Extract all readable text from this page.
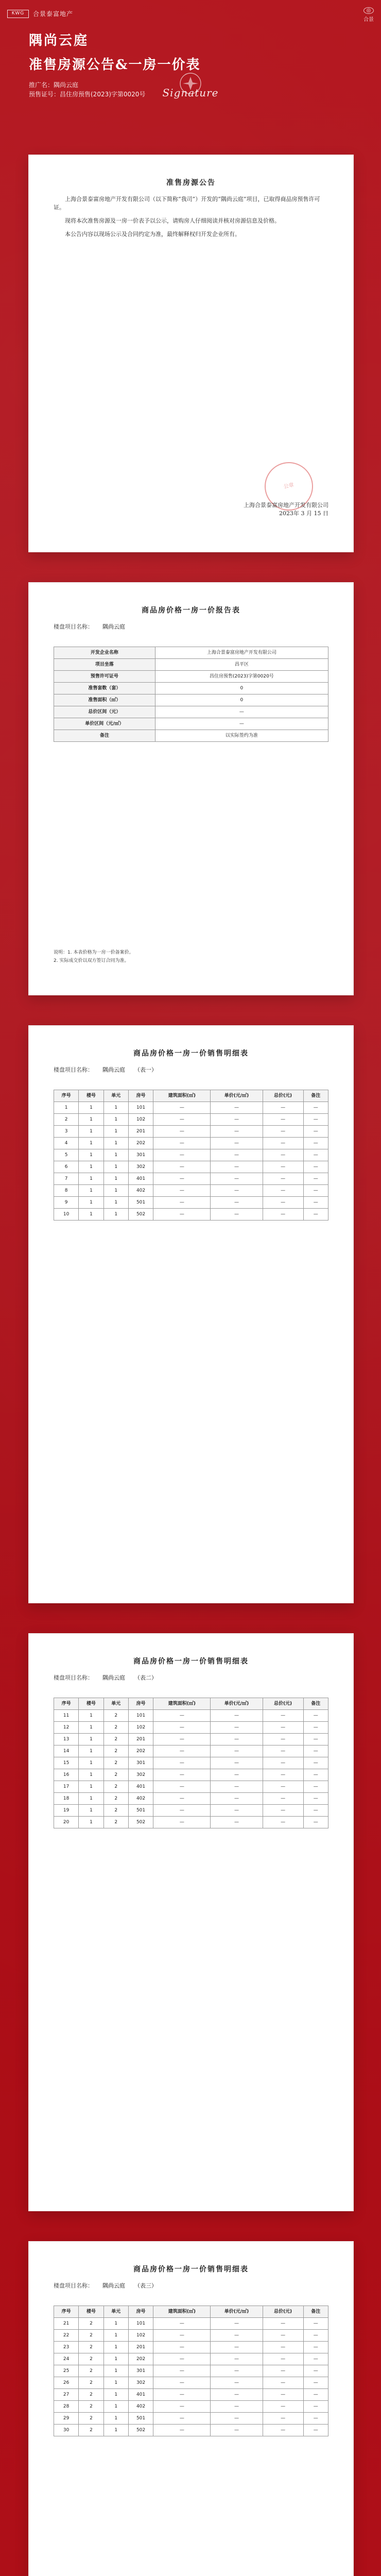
KWG	合景泰富地产	◎
合景
隅尚云庭
准售房源公告&一房一价表
推广名：隅尚云庭
预售证号：昌住房预售(2023)字第0020号	Signature
准售房源公告

上海合景泰富房地产开发有限公司（以下简称“我司”）开发的“隅尚云庭”项目，已取得商品房预售许可证。

现将本次准售房源及一房一价表予以公示，请购房人仔细阅读并核对房源信息及价格。

本公告内容以现场公示及合同约定为准，最终解释权归开发企业所有。

公章
上海合景泰富房地产开发有限公司
2023年 3 月 15 日
商品房价格一房一价报告表
楼盘项目名称： 隅尚云庭
开发企业名称	上海合景泰富房地产开发有限公司
项目坐落	昌平区
预售许可证号	昌住房预售(2023)字第0020号
准售套数（套）	0
准售面积（㎡）	0
总价区间（元）	—
单价区间（元/㎡）	—
备注	以实际签约为准
说明：1. 本表价格为一房一价备案价。
2. 实际成交价以双方签订合同为准。
商品房价格一房一价销售明细表
楼盘项目名称： 隅尚云庭 （表一）
序号	楼号	单元	房号	建筑面积(㎡)	单价(元/㎡)	总价(元)	备注
1	1	1	101	—	—	—	—
2	1	1	102	—	—	—	—
3	1	1	201	—	—	—	—
4	1	1	202	—	—	—	—
5	1	1	301	—	—	—	—
6	1	1	302	—	—	—	—
7	1	1	401	—	—	—	—
8	1	1	402	—	—	—	—
9	1	1	501	—	—	—	—
10	1	1	502	—	—	—	—
商品房价格一房一价销售明细表
楼盘项目名称： 隅尚云庭 （表二）
序号	楼号	单元	房号	建筑面积(㎡)	单价(元/㎡)	总价(元)	备注
11	1	2	101	—	—	—	—
12	1	2	102	—	—	—	—
13	1	2	201	—	—	—	—
14	1	2	202	—	—	—	—
15	1	2	301	—	—	—	—
16	1	2	302	—	—	—	—
17	1	2	401	—	—	—	—
18	1	2	402	—	—	—	—
19	1	2	501	—	—	—	—
20	1	2	502	—	—	—	—
商品房价格一房一价销售明细表
楼盘项目名称： 隅尚云庭 （表三）
序号	楼号	单元	房号	建筑面积(㎡)	单价(元/㎡)	总价(元)	备注
21	2	1	101	—	—	—	—
22	2	1	102	—	—	—	—
23	2	1	201	—	—	—	—
24	2	1	202	—	—	—	—
25	2	1	301	—	—	—	—
26	2	1	302	—	—	—	—
27	2	1	401	—	—	—	—
28	2	1	402	—	—	—	—
29	2	1	501	—	—	—	—
30	2	1	502	—	—	—	—
